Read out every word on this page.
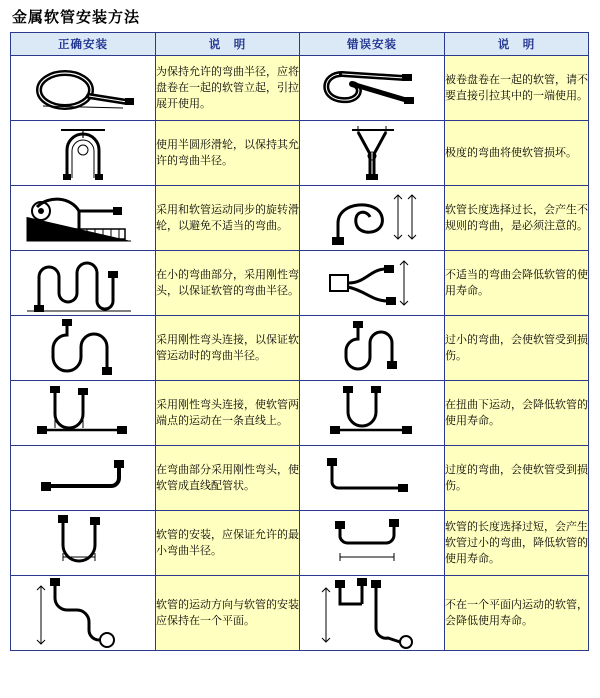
金属软管安装方法
正确安装	说　明	错误安装	说　明

	为保持允许的弯曲半径，应将盘卷在一起的软管立起，引拉展开使用。		被卷盘卷在一起的软管，请不要直接引拉其中的一端使用。

	使用半圆形滑轮，以保持其允许的弯曲半径。		极度的弯曲将使软管损坏。

	采用和软管运动同步的旋转滑轮，以避免不适当的弯曲。		软管长度选择过长，会产生不规则的弯曲，是必须注意的。

	在小的弯曲部分，采用刚性弯头，以保证软管的弯曲半径。		不适当的弯曲会降低软管的使用寿命。

	采用刚性弯头连接，以保证软管运动时的弯曲半径。		过小的弯曲，会使软管受到损伤。

	采用刚性弯头连接，使软管两端点的运动在一条直线上。		在扭曲下运动，会降低软管的使用寿命。

	在弯曲部分采用刚性弯头，使软管成直线配管状。		过度的弯曲，会使软管受到损伤。

	软管的安装，应保证允许的最小弯曲半径。		软管的长度选择过短，会产生软管过小的弯曲，降低软管的使用寿命。

	软管的运动方向与软管的安装应保持在一个平面。		不在一个平面内运动的软管，会降低使用寿命。
